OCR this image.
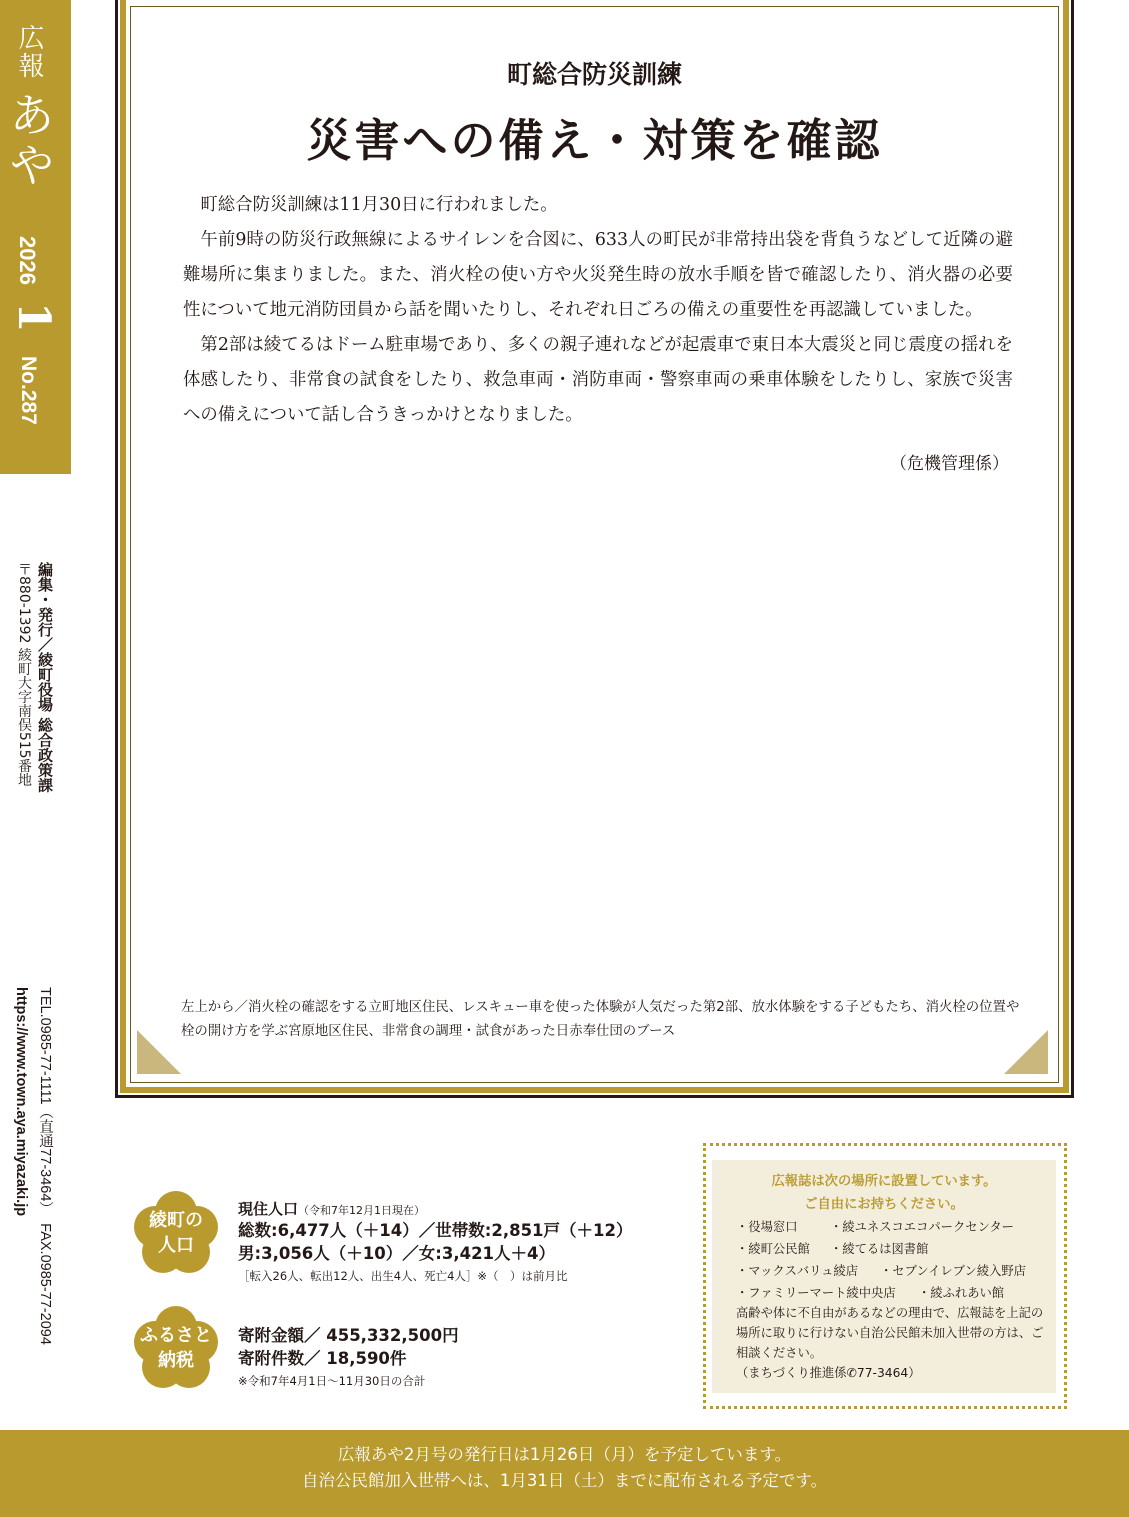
広報 あや
2026
1
No.287
編集・発行／綾町役場 総合政策課
〒880-1392 綾町大字南俣515番地
TEL.0985-77-1111（直通77-3464）　FAX.0985-77-2094
https://www.town.aya.miyazaki.jp
町総合防災訓練
災害への備え・対策を確認

町総合防災訓練は11月30日に行われました。

午前9時の防災行政無線によるサイレンを合図に、633人の町民が非常持出袋を背負うなどして近隣の避難場所に集まりました。また、消火栓の使い方や火災発生時の放水手順を皆で確認したり、消火器の必要性について地元消防団員から話を聞いたりし、それぞれ日ごろの備えの重要性を再認識していました。

第2部は綾てるはドーム駐車場であり、多くの親子連れなどが起震車で東日本大震災と同じ震度の揺れを体感したり、非常食の試食をしたり、救急車両・消防車両・警察車両の乗車体験をしたりし、家族で災害への備えについて話し合うきっかけとなりました。

（危機管理係）
左上から／消火栓の確認をする立町地区住民、レスキュー車を使った体験が人気だった第2部、放水体験をする子どもたち、消火栓の位置や栓の開け方を学ぶ宮原地区住民、非常食の調理・試食があった日赤奉仕団のブース
綾町の
人口
現住人口（令和7年12月1日現在）
総数:6,477人（＋14）／世帯数:2,851戸（＋12）
男:3,056人（＋10）／女:3,421人＋4）
［転入26人、転出12人、出生4人、死亡4人］※（　）は前月比
ふるさと
納税
寄附金額／ 455,332,500円
寄附件数／ 18,590件
※令和7年4月1日～11月30日の合計
広報誌は次の場所に設置しています。
ご自由にお持ちください。
・役場窓口	・綾ユネスコエコパークセンター
・綾町公民館 ・綾てるは図書館
・マックスバリュ綾店 ・セブンイレブン綾入野店
・ファミリーマート綾中央店 ・綾ふれあい館
高齢や体に不自由があるなどの理由で、広報誌を上記の場所に取りに行けない自治公民館未加入世帯の方は、ご相談ください。
（まちづくり推進係✆77-3464）
広報あや2月号の発行日は1月26日（月）を予定しています。
自治公民館加入世帯へは、1月31日（土）までに配布される予定です。
